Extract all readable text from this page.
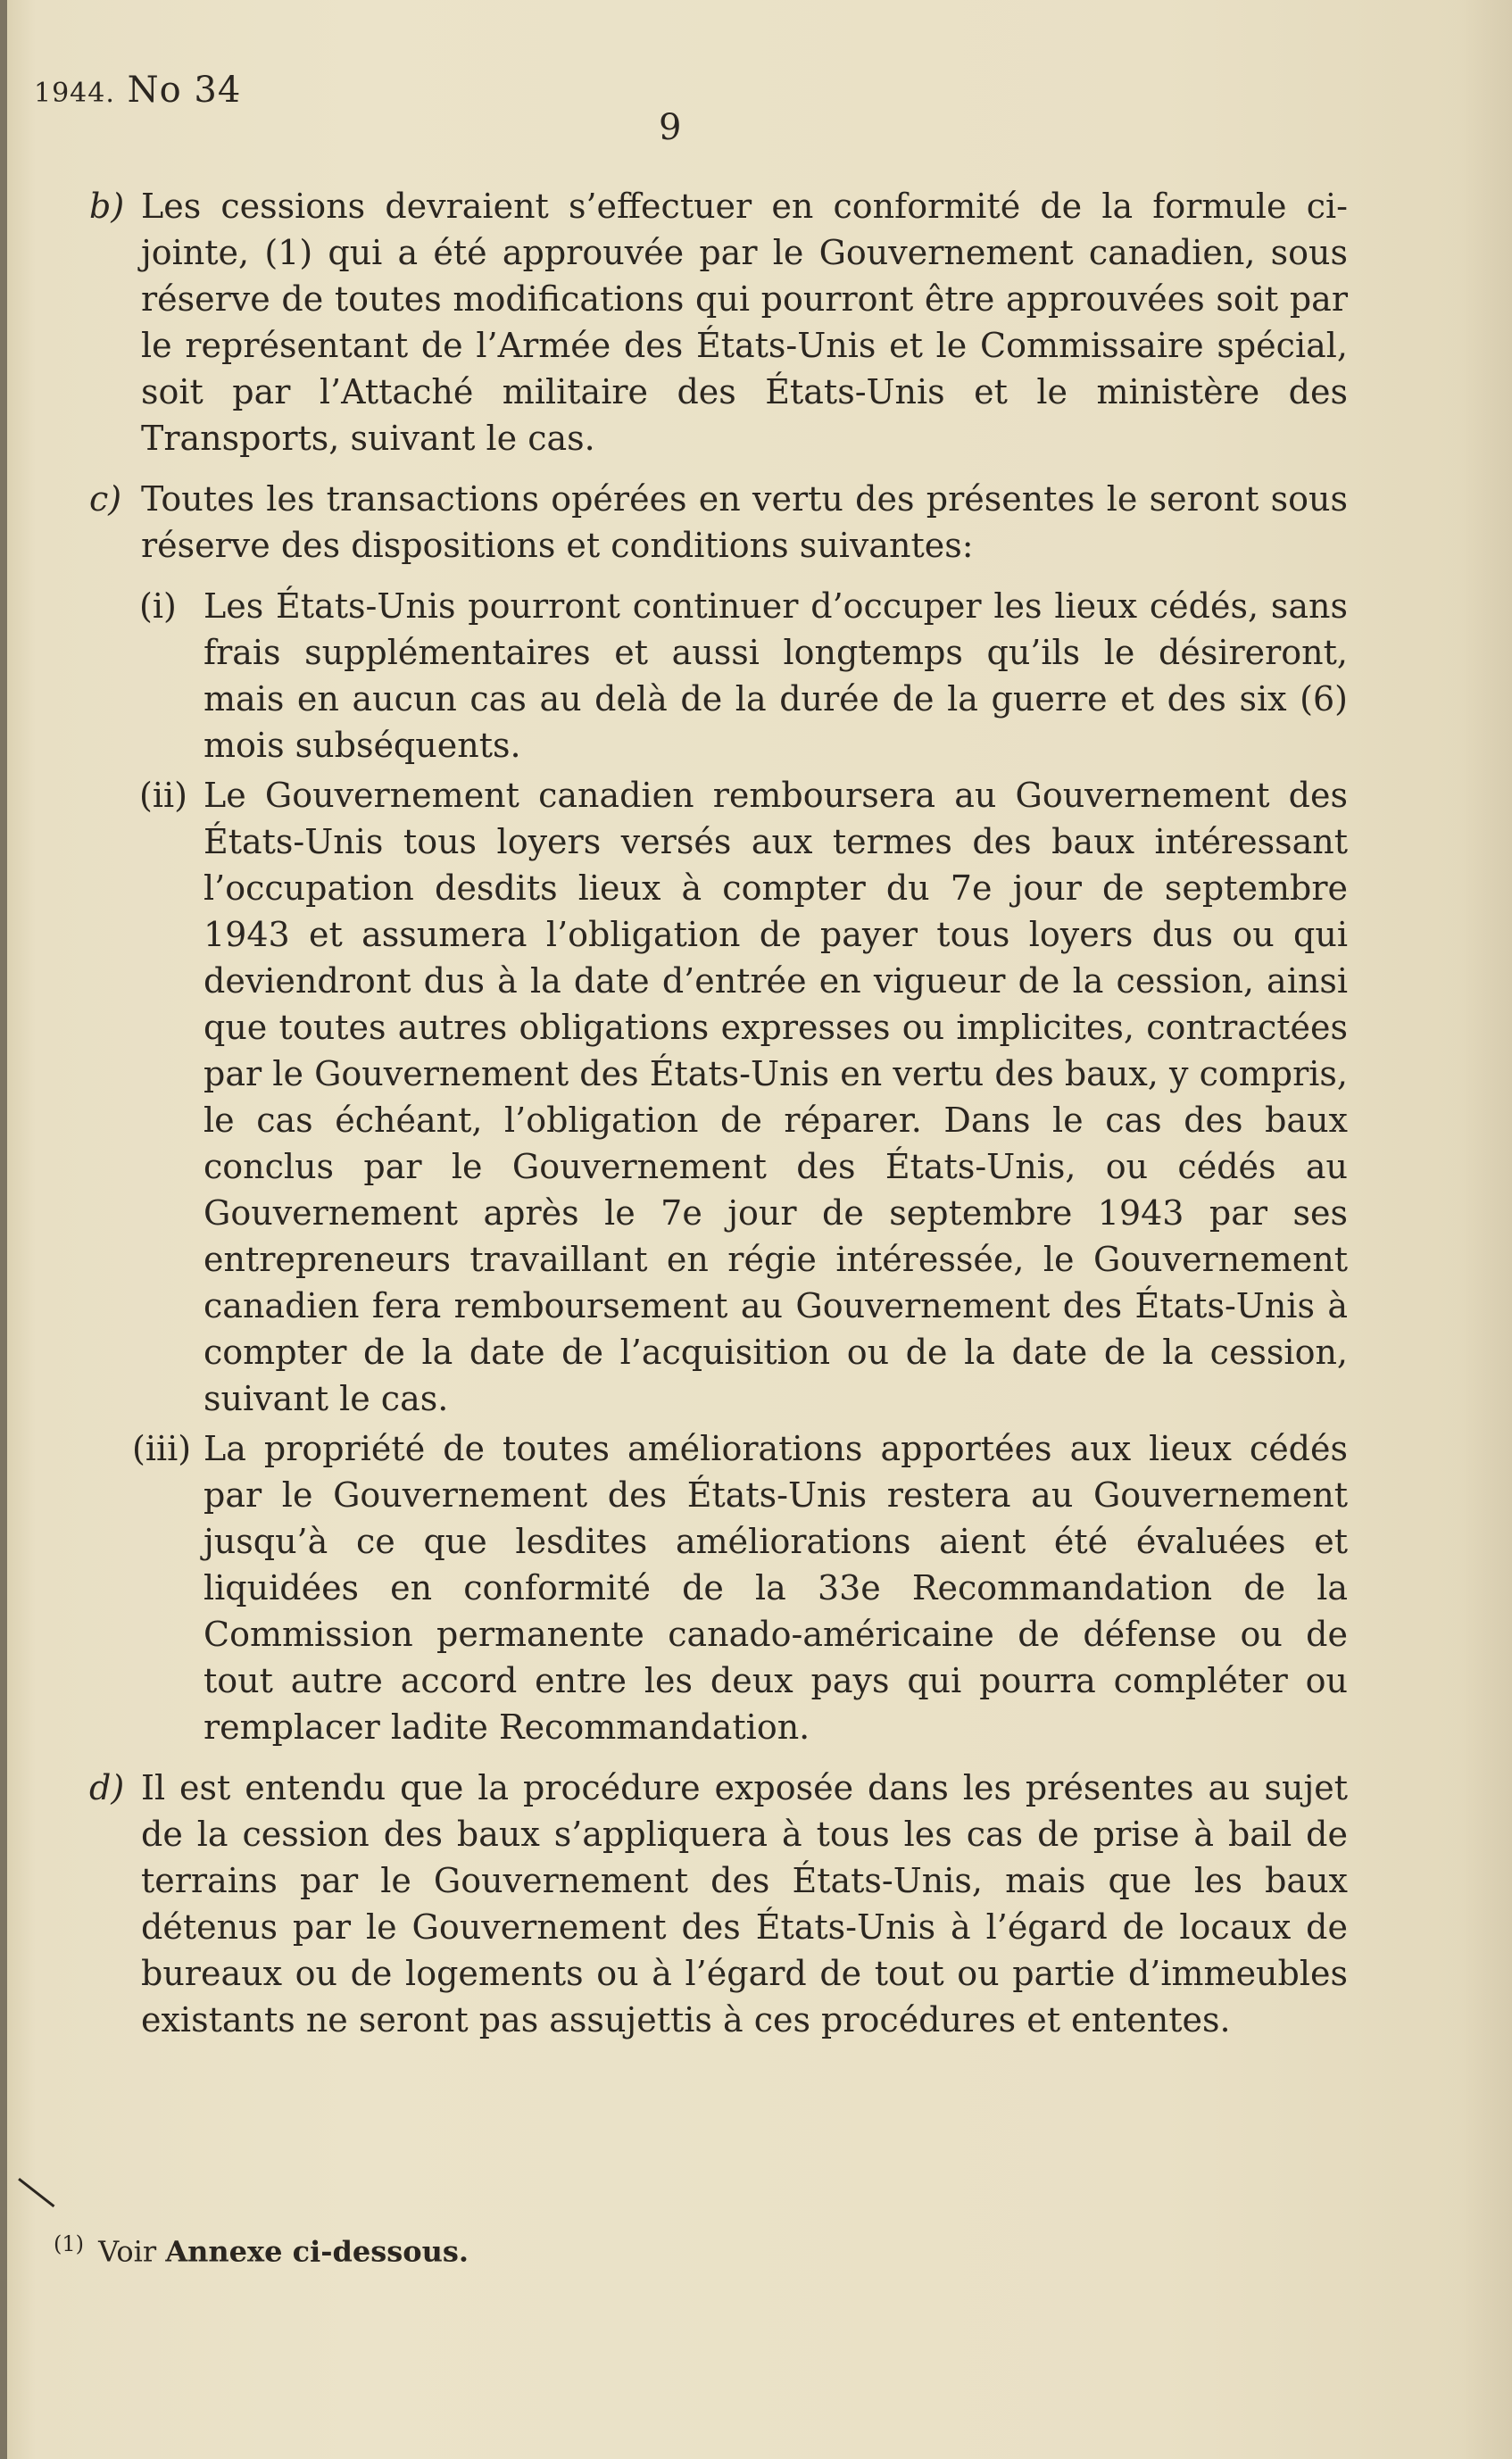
1944. No 34
9
b) Les cessions devraient s’effectuer en conformité de la formule ci-jointe, (1) qui a été approuvée par le Gouvernement canadien, sous réserve de toutes modifications qui pourront être approuvées soit par le représentant de l’Armée des États-Unis et le Commissaire spécial, soit par l’Attaché militaire des États-Unis et le ministère des Transports, suivant le cas.
c) Toutes les transactions opérées en vertu des présentes le seront sous réserve des dispositions et conditions suivantes:
(i) Les États-Unis pourront continuer d’occuper les lieux cédés, sans frais supplémentaires et aussi longtemps qu’ils le désireront, mais en aucun cas au delà de la durée de la guerre et des six (6) mois subséquents.
(ii) Le Gouvernement canadien remboursera au Gouvernement des États-Unis tous loyers versés aux termes des baux intéressant l’occupation desdits lieux à compter du 7e jour de septembre 1943 et assumera l’obligation de payer tous loyers dus ou qui deviendront dus à la date d’entrée en vigueur de la cession, ainsi que toutes autres obligations expresses ou implicites, contractées par le Gouvernement des États-Unis en vertu des baux, y compris, le cas échéant, l’obligation de réparer. Dans le cas des baux conclus par le Gouvernement des États-Unis, ou cédés au Gouvernement après le 7e jour de septembre 1943 par ses entrepreneurs travaillant en régie intéressée, le Gouvernement canadien fera remboursement au Gouvernement des États-Unis à compter de la date de l’acquisition ou de la date de la cession, suivant le cas.
(iii) La propriété de toutes améliorations apportées aux lieux cédés par le Gouvernement des États-Unis restera au Gouvernement jusqu’à ce que lesdites améliorations aient été évaluées et liquidées en conformité de la 33e Recommandation de la Commission permanente canado-américaine de défense ou de tout autre accord entre les deux pays qui pourra compléter ou remplacer ladite Recommandation.
d) Il est entendu que la procédure exposée dans les présentes au sujet de la cession des baux s’appliquera à tous les cas de prise à bail de terrains par le Gouvernement des États-Unis, mais que les baux détenus par le Gouvernement des États-Unis à l’égard de locaux de bureaux ou de logements ou à l’égard de tout ou partie d’immeubles existants ne seront pas assujettis à ces procédures et ententes.
$^{(1)}$ Voir Annexe ci-dessous.
